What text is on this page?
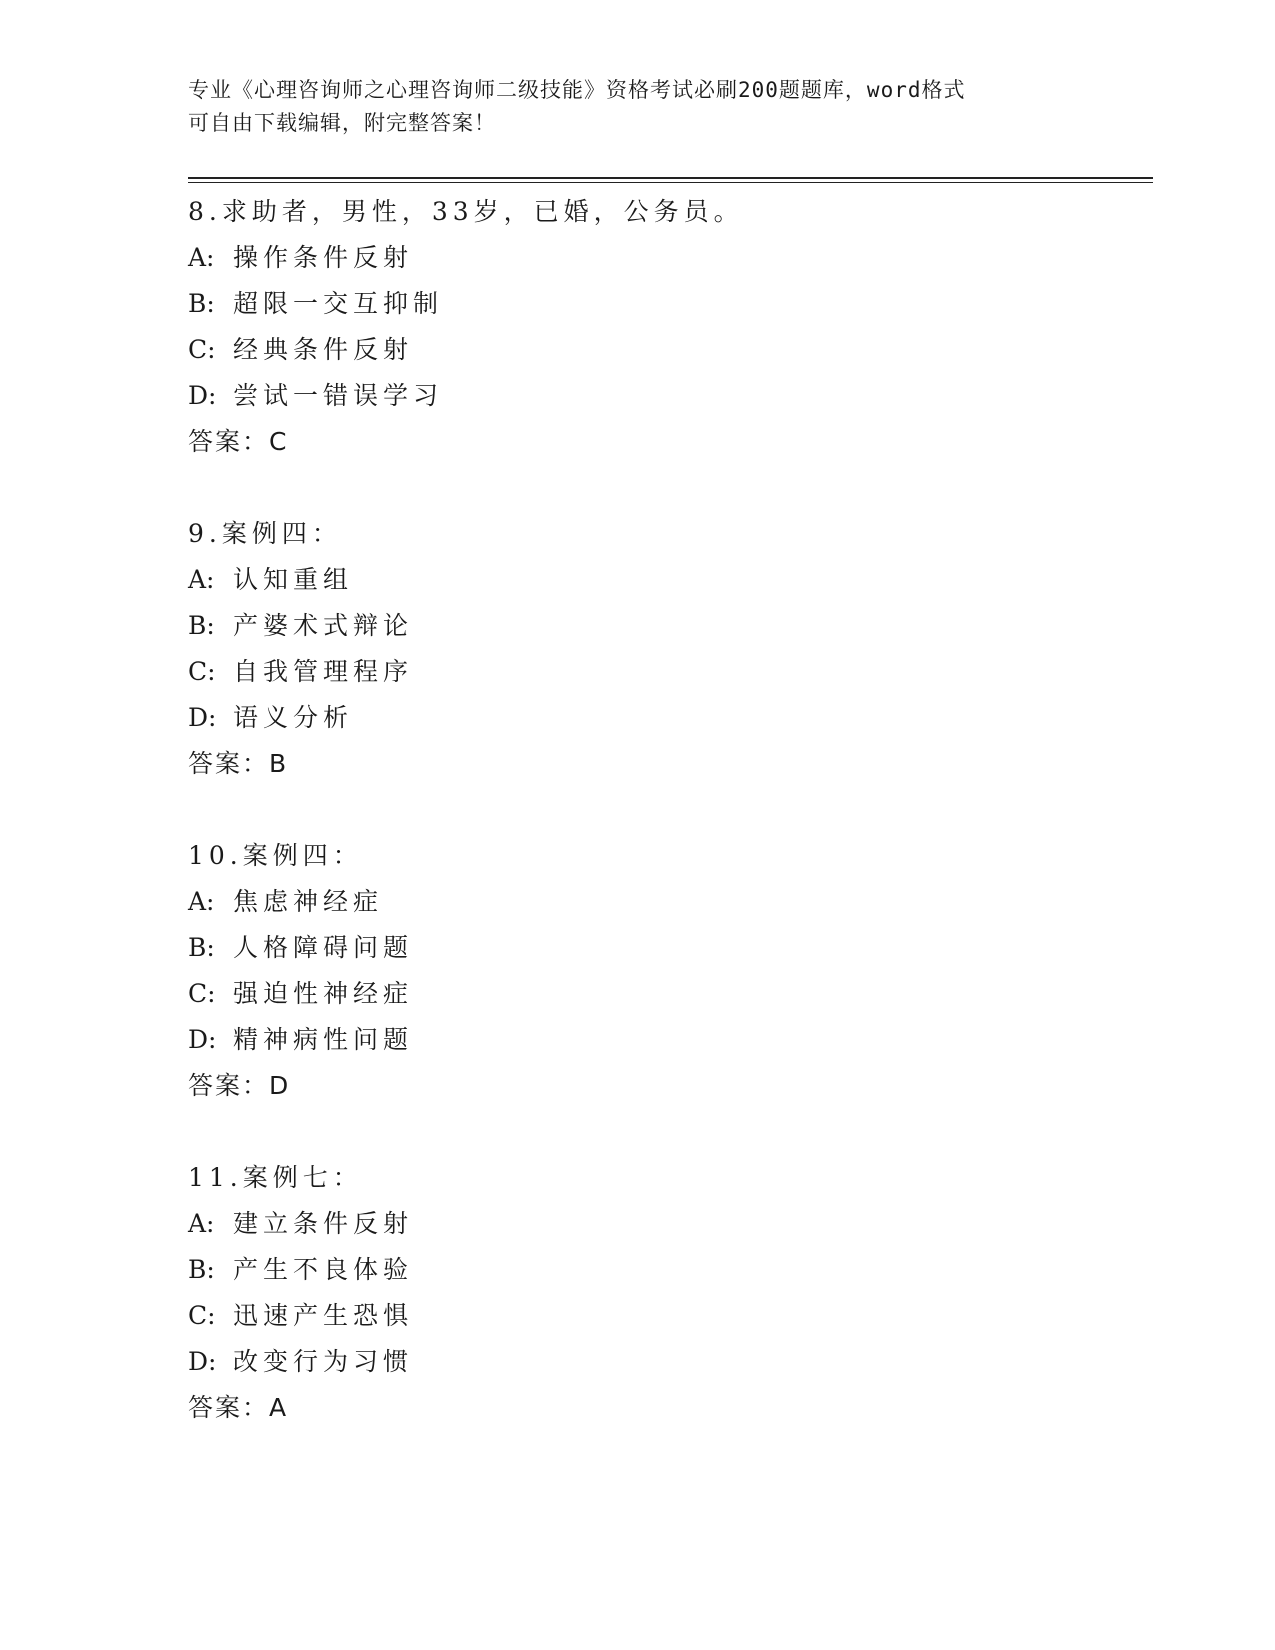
专业《心理咨询师之心理咨询师二级技能》资格考试必刷200题题库，word格式
可自由下载编辑，附完整答案！
8.求助者，男性，33岁，已婚，公务员。
A: 操作条件反射
B: 超限一交互抑制
C: 经典条件反射
D: 尝试一错误学习
答案：C
9.案例四：
A: 认知重组
B: 产婆术式辩论
C: 自我管理程序
D: 语义分析
答案：B
10.案例四：
A: 焦虑神经症
B: 人格障碍问题
C: 强迫性神经症
D: 精神病性问题
答案：D
11.案例七：
A: 建立条件反射
B: 产生不良体验
C: 迅速产生恐惧
D: 改变行为习惯
答案：A
